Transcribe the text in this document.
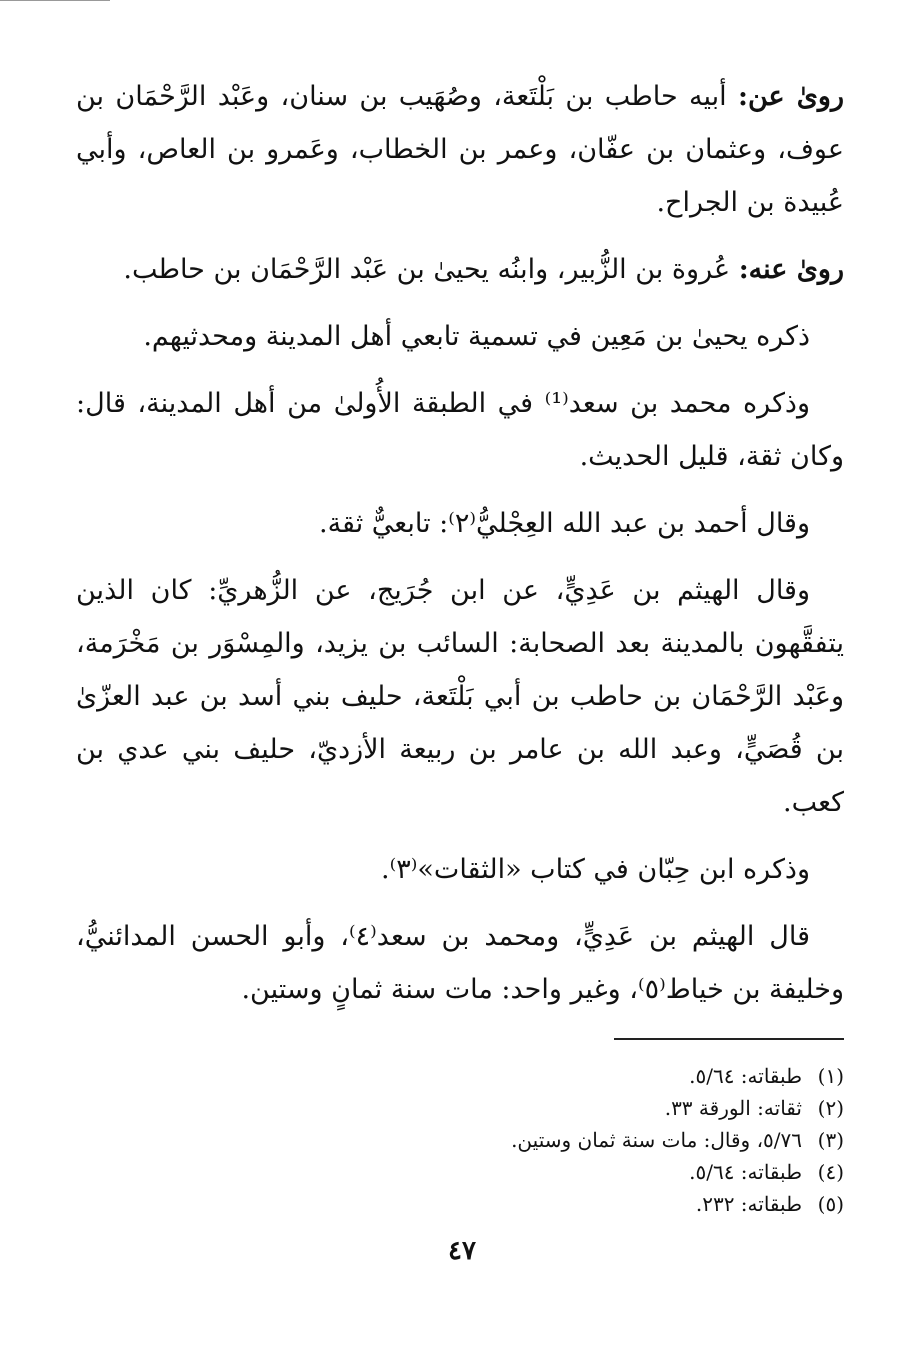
روىٰ عن: أبيه حاطب بن بَلْتَعة، وصُهَيب بن سنان، وعَبْد الرَّحْمَان بن عوف، وعثمان بن عفّان، وعمر بن الخطاب، وعَمرو بن العاص، وأبي عُبيدة بن الجراح.

روىٰ عنه: عُروة بن الزُّبير، وابنُه يحيىٰ بن عَبْد الرَّحْمَان بن حاطب.

ذكره يحيىٰ بن مَعِين في تسمية تابعي أهل المدينة ومحدثيهم.

وذكره محمد بن سعد⁽¹⁾ في الطبقة الأُولىٰ من أهل المدينة، قال: وكان ثقة، قليل الحديث.

وقال أحمد بن عبد الله العِجْليُّ⁽٢⁾: تابعيٌّ ثقة.

وقال الهيثم بن عَدِيٍّ، عن ابن جُرَيج، عن الزُّهريِّ: كان الذين يتفقَّهون بالمدينة بعد الصحابة: السائب بن يزيد، والمِسْوَر بن مَخْرَمة، وعَبْد الرَّحْمَان بن حاطب بن أبي بَلْتَعة، حليف بني أسد بن عبد العزّىٰ بن قُصَيٍّ، وعبد الله بن عامر بن ربيعة الأزديّ، حليف بني عدي بن كعب.

وذكره ابن حِبّان في كتاب «الثقات»⁽٣⁾.

قال الهيثم بن عَدِيٍّ، ومحمد بن سعد⁽٤⁾، وأبو الحسن المدائنيُّ، وخليفة بن خياط⁽٥⁾، وغير واحد: مات سنة ثمانٍ وستين.

(١)
طبقاته: ٥/٦٤.
(٢)
ثقاته: الورقة ٣٣.
(٣)
٥/٧٦، وقال: مات سنة ثمان وستين.
(٤)
طبقاته: ٥/٦٤.
(٥)
طبقاته: ٢٣٢.
٤٧
